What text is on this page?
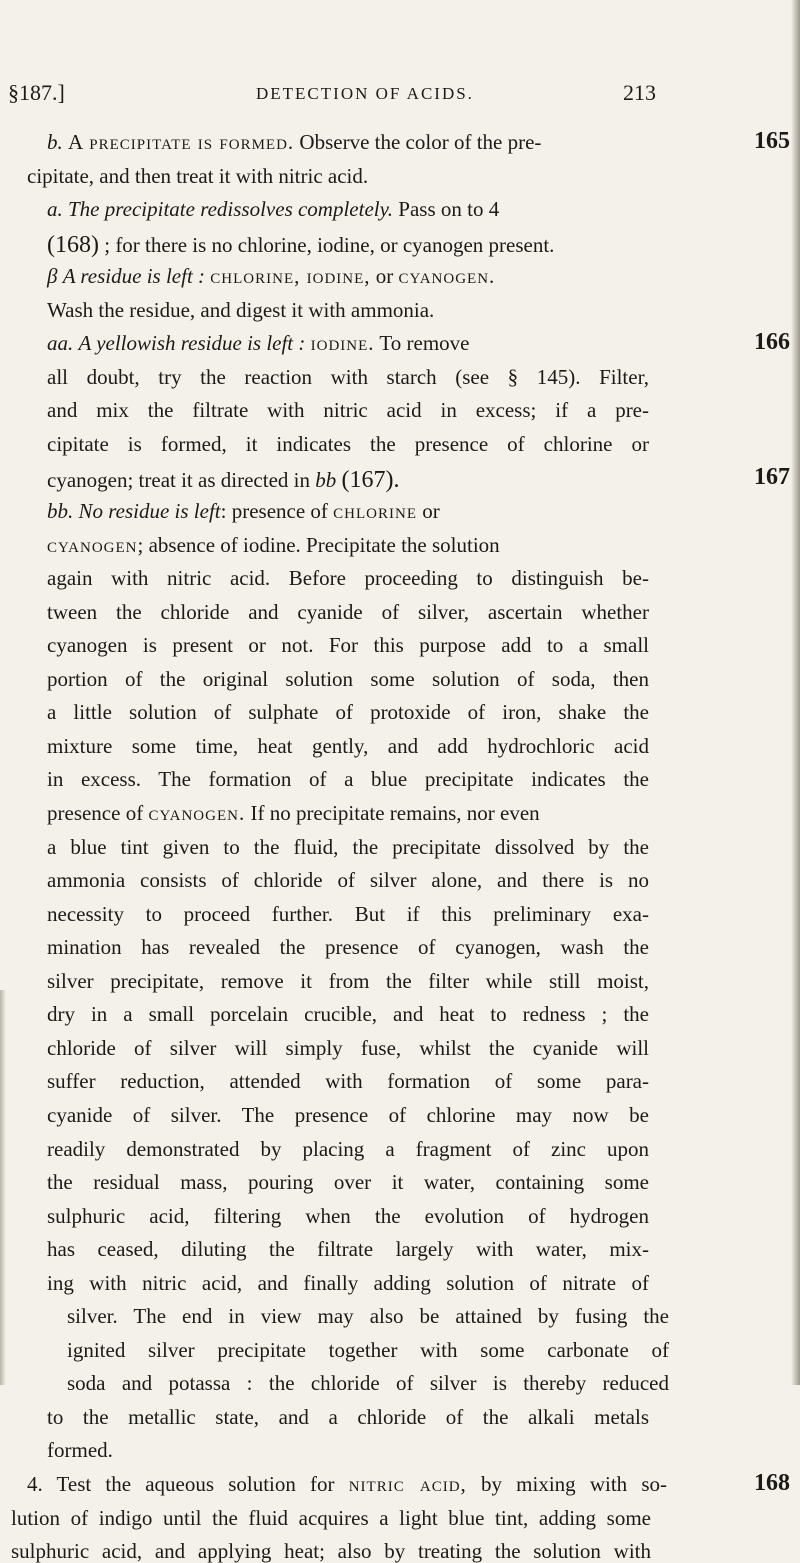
§187.]	DETECTION OF ACIDS.	213
165
166
167
168
b. A precipitate is formed. Observe the color of the pre-
cipitate, and then treat it with nitric acid.
a. The precipitate redissolves completely. Pass on to 4
(168) ; for there is no chlorine, iodine, or cyanogen present.
β A residue is left : chlorine, iodine, or cyanogen.
Wash the residue, and digest it with ammonia.
aa. A yellowish residue is left : iodine. To remove
all doubt, try the reaction with starch (see § 145). Filter,
and mix the filtrate with nitric acid in excess; if a pre-
cipitate is formed, it indicates the presence of chlorine or
cyanogen; treat it as directed in bb (167).
bb. No residue is left: presence of chlorine or
cyanogen; absence of iodine. Precipitate the solution
again with nitric acid. Before proceeding to distinguish be-
tween the chloride and cyanide of silver, ascertain whether
cyanogen is present or not. For this purpose add to a small
portion of the original solution some solution of soda, then
a little solution of sulphate of protoxide of iron, shake the
mixture some time, heat gently, and add hydrochloric acid
in excess. The formation of a blue precipitate indicates the
presence of cyanogen. If no precipitate remains, nor even
a blue tint given to the fluid, the precipitate dissolved by the
ammonia consists of chloride of silver alone, and there is no
necessity to proceed further. But if this preliminary exa-
mination has revealed the presence of cyanogen, wash the
silver precipitate, remove it from the filter while still moist,
dry in a small porcelain crucible, and heat to redness ; the
chloride of silver will simply fuse, whilst the cyanide will
suffer reduction, attended with formation of some para-
cyanide of silver. The presence of chlorine may now be
readily demonstrated by placing a fragment of zinc upon
the residual mass, pouring over it water, containing some
sulphuric acid, filtering when the evolution of hydrogen
has ceased, diluting the filtrate largely with water, mix-
ing with nitric acid, and finally adding solution of nitrate of
silver. The end in view may also be attained by fusing the
ignited silver precipitate together with some carbonate of
soda and potassa : the chloride of silver is thereby reduced
to the metallic state, and a chloride of the alkali metals
formed.
4. Test the aqueous solution for nitric acid, by mixing with so-
lution of indigo until the fluid acquires a light blue tint, adding some
sulphuric acid, and applying heat; also by treating the solution with
